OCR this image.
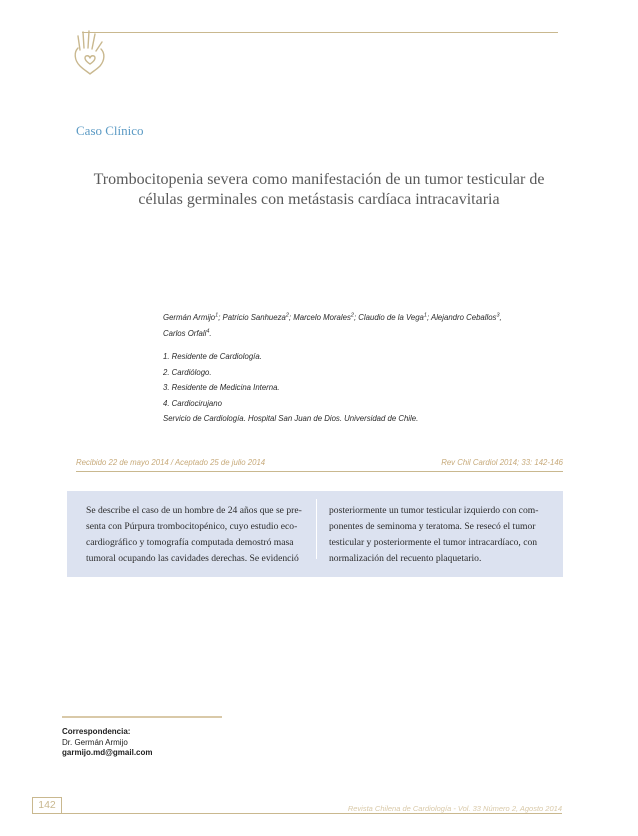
Caso Clínico
Trombocitopenia severa como manifestación de un tumor testicular de
células germinales con metástasis cardíaca intracavitaria
Germán Armijo$^1$; Patricio Sanhueza$^2$; Marcelo Morales$^2$; Claudio de la Vega$^1$; Alejandro Ceballos$^3$,
Carlos Orfali$^4$.
1. Residente de Cardiología.
2. Cardiólogo.
3. Residente de Medicina Interna.
4. Cardiocirujano
Servicio de Cardiología. Hospital San Juan de Dios. Universidad de Chile.
Recibido 22 de mayo 2014 / Aceptado 25 de julio 2014	Rev Chil Cardiol 2014; 33: 142-146
Se describe el caso de un hombre de 24 años que se pre-
senta con Púrpura trombocitopénico, cuyo estudio eco-
cardiográfico y tomografía computada demostró masa
tumoral ocupando las cavidades derechas. Se evidenció
posteriormente un tumor testicular izquierdo con com-
ponentes de seminoma y teratoma. Se resecó el tumor
testicular y posteriormente el tumor intracardíaco, con
normalización del recuento plaquetario.
Correspondencia:
Dr. Germán Armijo
garmijo.md@gmail.com
142	Revista Chilena de Cardiología - Vol. 33 Número 2, Agosto 2014
